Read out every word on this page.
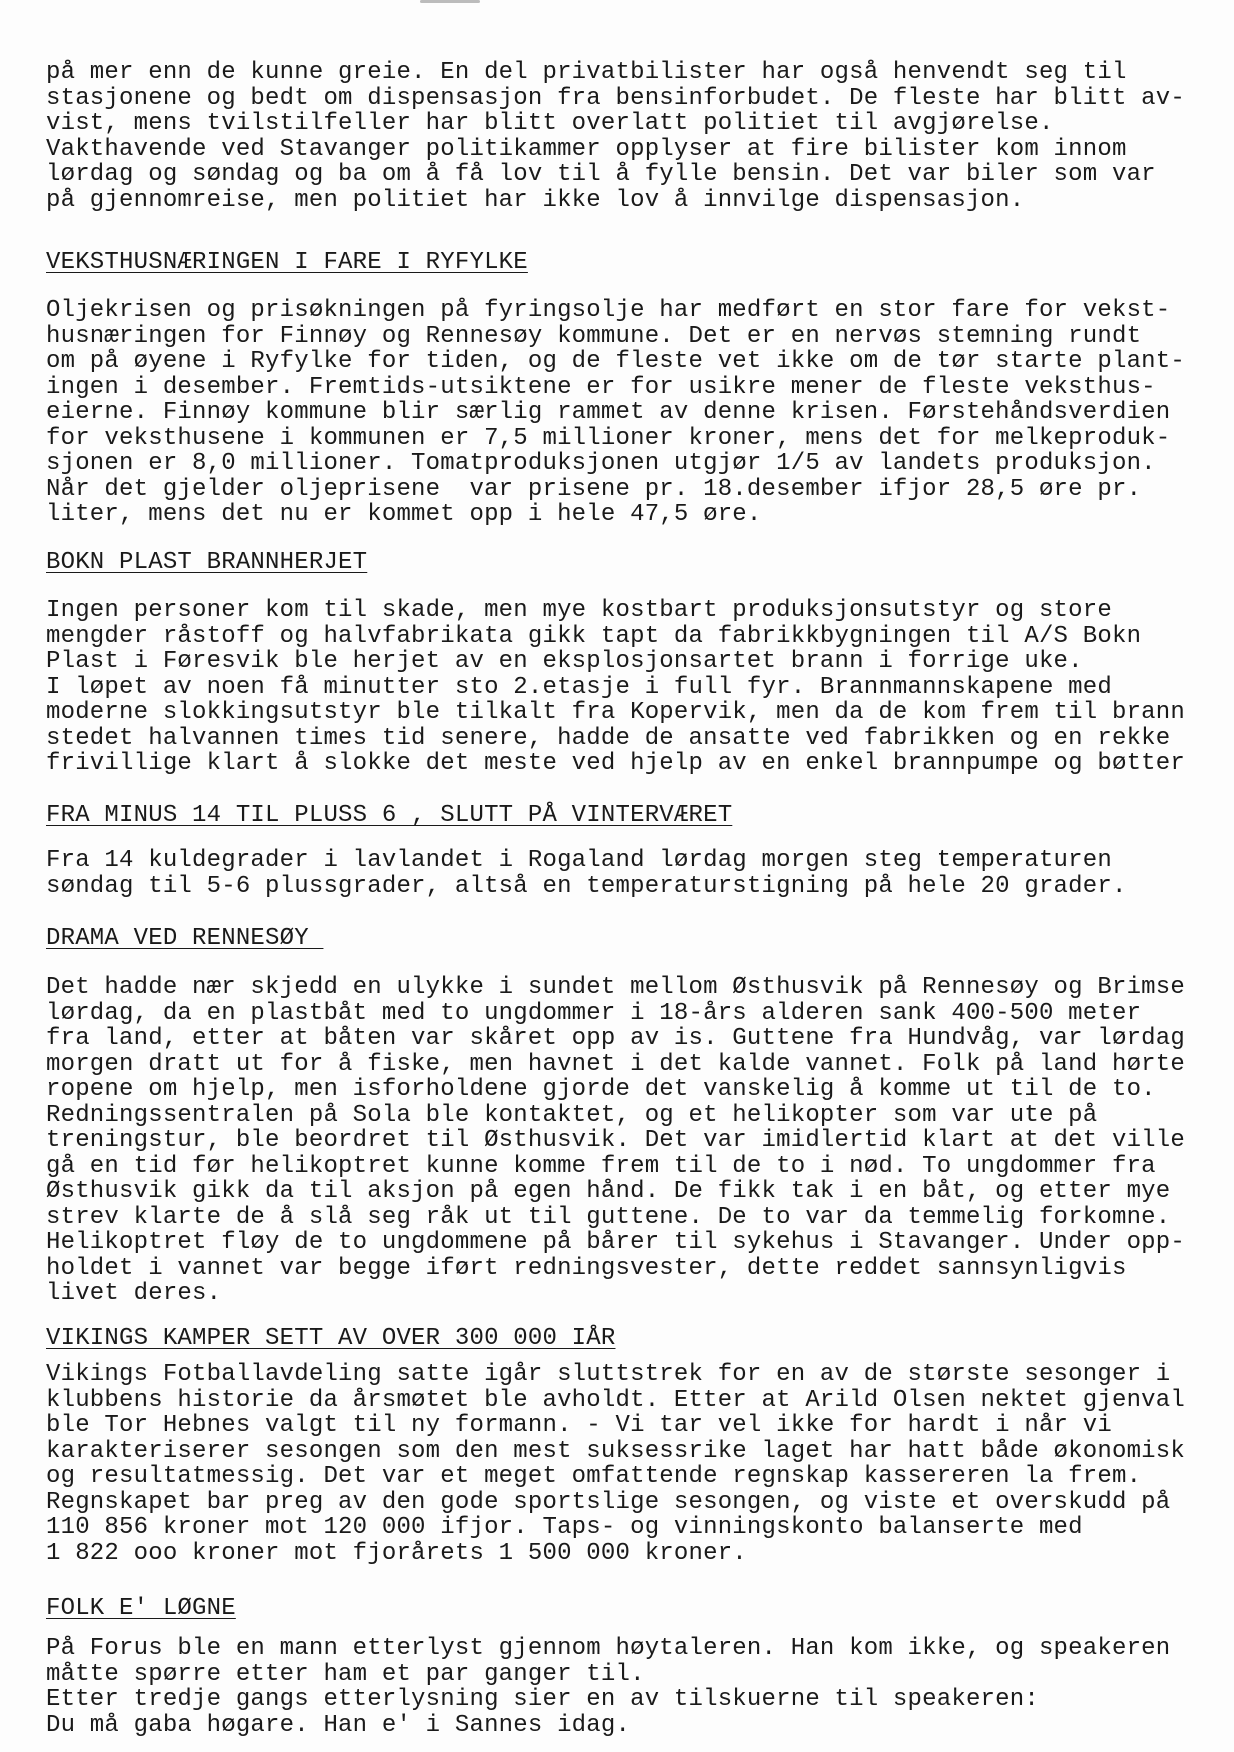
på mer enn de kunne greie. En del privatbilister har også henvendt seg til

stasjonene og bedt om dispensasjon fra bensinforbudet. De fleste har blitt av-

vist, mens tvilstilfeller har blitt overlatt politiet til avgjørelse.

Vakthavende ved Stavanger politikammer opplyser at fire bilister kom innom

lørdag og søndag og ba om å få lov til å fylle bensin. Det var biler som var

på gjennomreise, men politiet har ikke lov å innvilge dispensasjon.

VEKSTHUSNÆRINGEN I FARE I RYFYLKE

Oljekrisen og prisøkningen på fyringsolje har medført en stor fare for vekst-

husnæringen for Finnøy og Rennesøy kommune. Det er en nervøs stemning rundt

om på øyene i Ryfylke for tiden, og de fleste vet ikke om de tør starte plant-

ingen i desember. Fremtids-utsiktene er for usikre mener de fleste veksthus-

eierne. Finnøy kommune blir særlig rammet av denne krisen. Førstehåndsverdien

for veksthusene i kommunen er 7,5 millioner kroner, mens det for melkeproduk-

sjonen er 8,0 millioner. Tomatproduksjonen utgjør 1/5 av landets produksjon.

Når det gjelder oljeprisene  var prisene pr. 18.desember ifjor 28,5 øre pr.

liter, mens det nu er kommet opp i hele 47,5 øre.

BOKN PLAST BRANNHERJET

Ingen personer kom til skade, men mye kostbart produksjonsutstyr og store

mengder råstoff og halvfabrikata gikk tapt da fabrikkbygningen til A/S Bokn

Plast i Føresvik ble herjet av en eksplosjonsartet brann i forrige uke.

I løpet av noen få minutter sto 2.etasje i full fyr. Brannmannskapene med

moderne slokkingsutstyr ble tilkalt fra Kopervik, men da de kom frem til brann

stedet halvannen times tid senere, hadde de ansatte ved fabrikken og en rekke

frivillige klart å slokke det meste ved hjelp av en enkel brannpumpe og bøtter

FRA MINUS 14 TIL PLUSS 6 , SLUTT PÅ VINTERVÆRET

Fra 14 kuldegrader i lavlandet i Rogaland lørdag morgen steg temperaturen

søndag til 5-6 plussgrader, altså en temperaturstigning på hele 20 grader.

DRAMA VED RENNESØY

Det hadde nær skjedd en ulykke i sundet mellom Østhusvik på Rennesøy og Brimse

lørdag, da en plastbåt med to ungdommer i 18-års alderen sank 400-500 meter

fra land, etter at båten var skåret opp av is. Guttene fra Hundvåg, var lørdag

morgen dratt ut for å fiske, men havnet i det kalde vannet. Folk på land hørte

ropene om hjelp, men isforholdene gjorde det vanskelig å komme ut til de to.

Redningssentralen på Sola ble kontaktet, og et helikopter som var ute på

treningstur, ble beordret til Østhusvik. Det var imidlertid klart at det ville

gå en tid før helikoptret kunne komme frem til de to i nød. To ungdommer fra

Østhusvik gikk da til aksjon på egen hånd. De fikk tak i en båt, og etter mye

strev klarte de å slå seg råk ut til guttene. De to var da temmelig forkomne.

Helikoptret fløy de to ungdommene på bårer til sykehus i Stavanger. Under opp-

holdet i vannet var begge iført redningsvester, dette reddet sannsynligvis

livet deres.

VIKINGS KAMPER SETT AV OVER 300 000 IÅR

Vikings Fotballavdeling satte igår sluttstrek for en av de største sesonger i

klubbens historie da årsmøtet ble avholdt. Etter at Arild Olsen nektet gjenval

ble Tor Hebnes valgt til ny formann. - Vi tar vel ikke for hardt i når vi

karakteriserer sesongen som den mest suksessrike laget har hatt både økonomisk

og resultatmessig. Det var et meget omfattende regnskap kassereren la frem.

Regnskapet bar preg av den gode sportslige sesongen, og viste et overskudd på

110 856 kroner mot 120 000 ifjor. Taps- og vinningskonto balanserte med

1 822 ooo kroner mot fjorårets 1 500 000 kroner.

FOLK E' LØGNE

På Forus ble en mann etterlyst gjennom høytaleren. Han kom ikke, og speakeren

måtte spørre etter ham et par ganger til.

Etter tredje gangs etterlysning sier en av tilskuerne til speakeren:

Du må gaba høgare. Han e' i Sannes idag.
